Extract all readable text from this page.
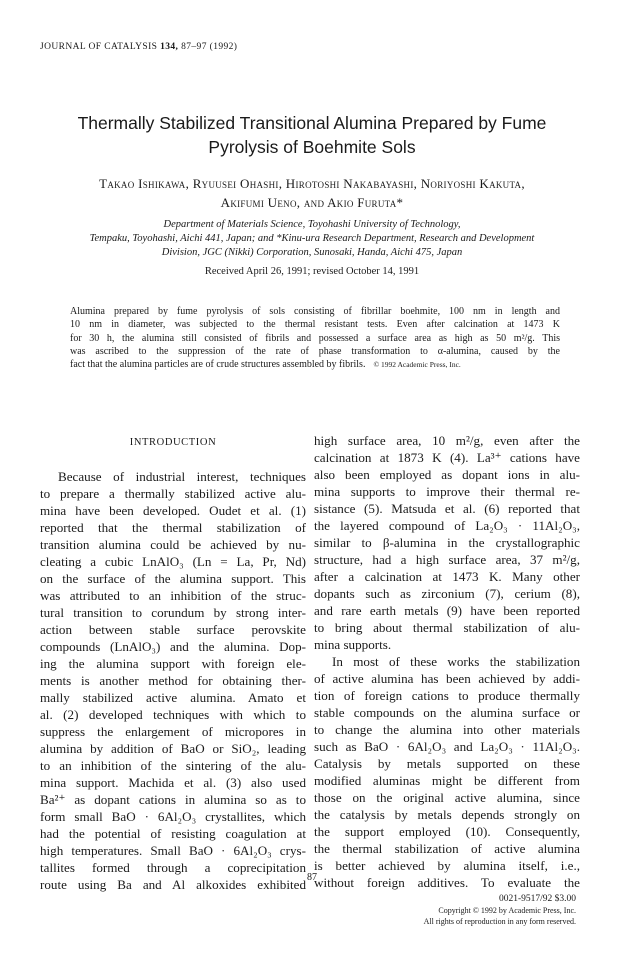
JOURNAL OF CATALYSIS 134, 87–97 (1992)
Thermally Stabilized Transitional Alumina Prepared by Fume
Pyrolysis of Boehmite Sols
Takao Ishikawa, Ryuusei Ohashi, Hirotoshi Nakabayashi, Noriyoshi Kakuta,
Akifumi Ueno, and Akio Furuta*
Department of Materials Science, Toyohashi University of Technology,
Tempaku, Toyohashi, Aichi 441, Japan; and *Kinu-ura Research Department, Research and Development
Division, JGC (Nikki) Corporation, Sunosaki, Handa, Aichi 475, Japan
Received April 26, 1991; revised October 14, 1991
Alumina prepared by fume pyrolysis of sols consisting of fibrillar boehmite, 100 nm in length and
10 nm in diameter, was subjected to the thermal resistant tests. Even after calcination at 1473 K
for 30 h, the alumina still consisted of fibrils and possessed a surface area as high as 50 m²/g. This
was ascribed to the suppression of the rate of phase transformation to α-alumina, caused by the
fact that the alumina particles are of crude structures assembled by fibrils. © 1992 Academic Press, Inc.
INTRODUCTION
Because of industrial interest, techniques
to prepare a thermally stabilized active alu-
mina have been developed. Oudet et al. (1)
reported that the thermal stabilization of
transition alumina could be achieved by nu-
cleating a cubic LnAlO₃ (Ln = La, Pr, Nd)
on the surface of the alumina support. This
was attributed to an inhibition of the struc-
tural transition to corundum by strong inter-
action between stable surface perovskite
compounds (LnAlO₃) and the alumina. Dop-
ing the alumina support with foreign ele-
ments is another method for obtaining ther-
mally stabilized active alumina. Amato et
al. (2) developed techniques with which to
suppress the enlargement of micropores in
alumina by addition of BaO or SiO₂, leading
to an inhibition of the sintering of the alu-
mina support. Machida et al. (3) also used
Ba²⁺ as dopant cations in alumina so as to
form small BaO · 6Al₂O₃ crystallites, which
had the potential of resisting coagulation at
high temperatures. Small BaO · 6Al₂O₃ crys-
tallites formed through a coprecipitation
route using Ba and Al alkoxides exhibited
high surface area, 10 m²/g, even after the
calcination at 1873 K (4). La³⁺ cations have
also been employed as dopant ions in alu-
mina supports to improve their thermal re-
sistance (5). Matsuda et al. (6) reported that
the layered compound of La₂O₃ · 11Al₂O₃,
similar to β-alumina in the crystallographic
structure, had a high surface area, 37 m²/g,
after a calcination at 1473 K. Many other
dopants such as zirconium (7), cerium (8),
and rare earth metals (9) have been reported
to bring about thermal stabilization of alu-
mina supports.
In most of these works the stabilization
of active alumina has been achieved by addi-
tion of foreign cations to produce thermally
stable compounds on the alumina surface or
to change the alumina into other materials
such as BaO · 6Al₂O₃ and La₂O₃ · 11Al₂O₃.
Catalysis by metals supported on these
modified aluminas might be different from
those on the original active alumina, since
the catalysis by metals depends strongly on
the support employed (10). Consequently,
the thermal stabilization of active alumina
is better achieved by alumina itself, i.e.,
without foreign additives. To evaluate the
87
0021-9517/92 $3.00
Copyright © 1992 by Academic Press, Inc.
All rights of reproduction in any form reserved.
